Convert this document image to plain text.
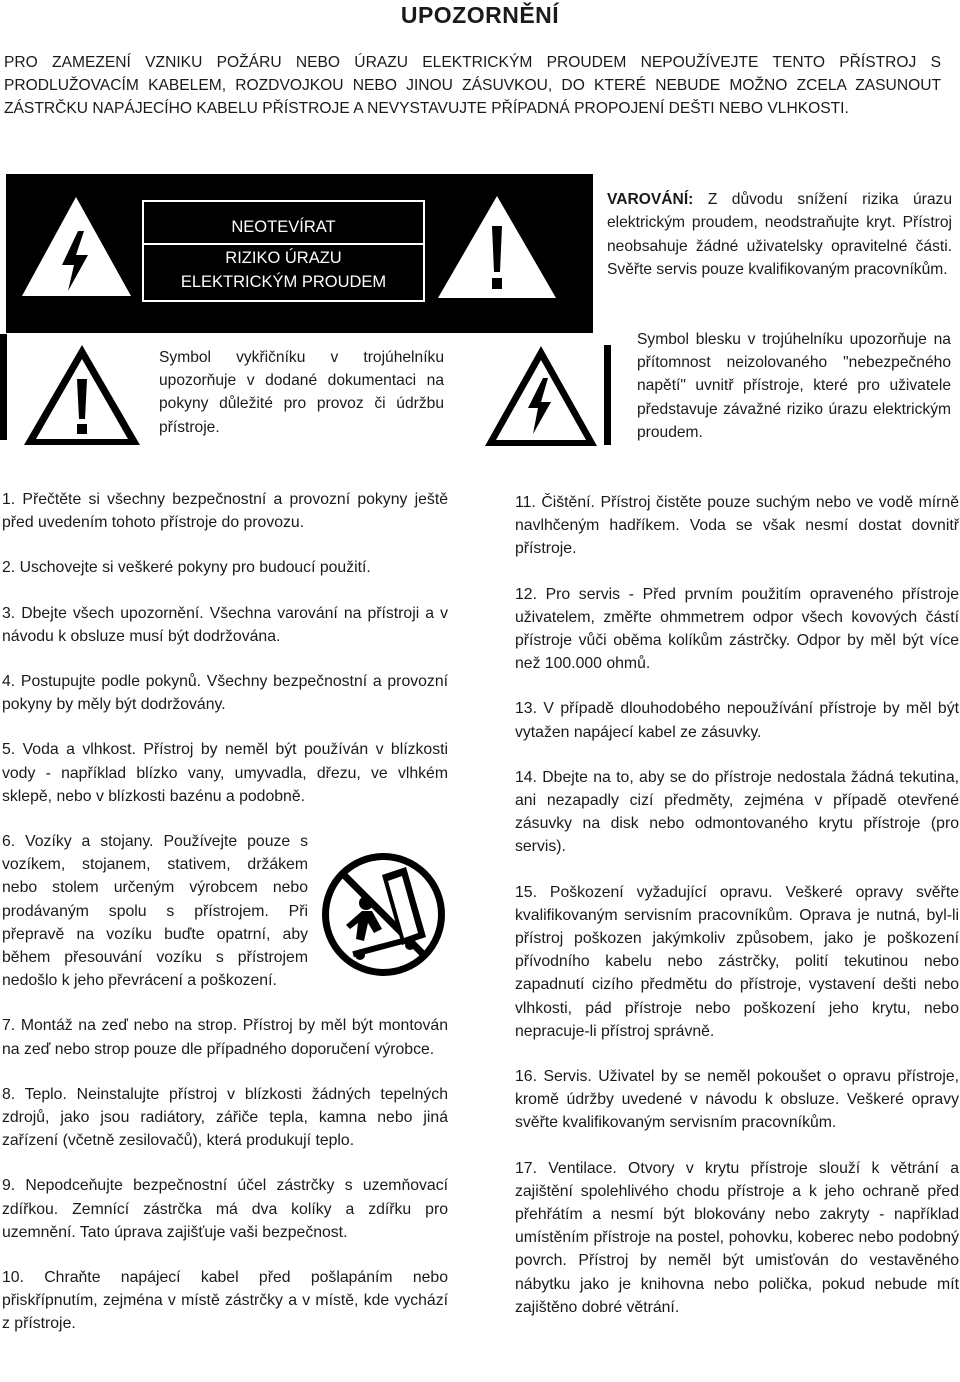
UPOZORNĚNÍ
PRO ZAMEZENÍ VZNIKU POŽÁRU NEBO ÚRAZU ELEKTRICKÝM PROUDEM NEPOUŽÍVEJTE TENTO PŘÍSTROJ S PRODLUŽOVACÍM KABELEM, ROZDVOJKOU NEBO JINOU ZÁSUVKOU, DO KTERÉ NEBUDE MOŽNO ZCELA ZASUNOUT ZÁSTRČKU NAPÁJECÍHO KABELU PŘÍSTROJE A NEVYSTAVUJTE PŘÍPADNÁ PROPOJENÍ DEŠTI NEBO VLHKOSTI.
NEOTEVÍRAT
RIZIKO ÚRAZU
ELEKTRICKÝM PROUDEM
VAROVÁNÍ: Z důvodu snížení rizika úrazu elektrickým proudem, neodstraňujte kryt. Přístroj neobsahuje žádné uživatelsky opravitelné části. Svěřte servis pouze kvalifikovaným pracovníkům.
Symbol vykřičníku v trojúhelníku upozorňuje v dodané dokumentaci na pokyny důležité pro provoz či údržbu přístroje.
Symbol blesku v trojúhelníku upozorňuje na přítomnost neizolovaného "nebezpečného napětí" uvnitř přístroje, které pro uživatele představuje závažné riziko úrazu elektrickým proudem.

1. Přečtěte si všechny bezpečnostní a provozní pokyny ještě před uvedením tohoto přístroje do provozu.

2. Uschovejte si veškeré pokyny pro budoucí použití.

3. Dbejte všech upozornění. Všechna varování na přístroji a v návodu k obsluze musí být dodržována.

4. Postupujte podle pokynů. Všechny bezpečnostní a provozní pokyny by měly být dodržovány.

5. Voda a vlhkost. Přístroj by neměl být používán v blízkosti vody - například blízko vany, umyvadla, dřezu, ve vlhkém sklepě, nebo v blízkosti bazénu a podobně.

6. Vozíky a stojany. Používejte pouze s vozíkem, stojanem, stativem, držákem nebo stolem určeným výrobcem nebo prodávaným spolu s přístrojem. Při přepravě na vozíku buďte opatrní, aby během přesouvání vozíku s přístrojem nedošlo k jeho převrácení a poškození.

7. Montáž na zeď nebo na strop. Přístroj by měl být montován na zeď nebo strop pouze dle případného doporučení výrobce.

8. Teplo. Neinstalujte přístroj v blízkosti žádných tepelných zdrojů, jako jsou radiátory, zářiče tepla, kamna nebo jiná zařízení (včetně zesilovačů), která produkují teplo.

9. Nepodceňujte bezpečnostní účel zástrčky s uzemňovací zdířkou. Zemnící zástrčka má dva kolíky a zdířku pro uzemnění. Tato úprava zajišťuje vaši bezpečnost.

10. Chraňte napájecí kabel před pošlapáním nebo přiskřípnutím, zejména v místě zástrčky a v místě, kde vychází z přístroje.

11. Čištění. Přístroj čistěte pouze suchým nebo ve vodě mírně navlhčeným hadříkem. Voda se však nesmí dostat dovnitř přístroje.

12. Pro servis - Před prvním použitím opraveného přístroje uživatelem, změřte ohmmetrem odpor všech kovových částí přístroje vůči oběma kolíkům zástrčky. Odpor by měl být více než 100.000 ohmů.

13. V případě dlouhodobého nepoužívání přístroje by měl být vytažen napájecí kabel ze zásuvky.

14. Dbejte na to, aby se do přístroje nedostala žádná tekutina, ani nezapadly cizí předměty, zejména v případě otevřené zásuvky na disk nebo odmontovaného krytu přístroje (pro servis).

15. Poškození vyžadující opravu. Veškeré opravy svěřte kvalifikovaným servisním pracovníkům. Oprava je nutná, byl-li přístroj poškozen jakýmkoliv způsobem, jako je poškození přívodního kabelu nebo zástrčky, polití tekutinou nebo zapadnutí cizího předmětu do přístroje, vystavení dešti nebo vlhkosti, pád přístroje nebo poškození jeho krytu, nebo nepracuje-li přístroj správně.

16. Servis. Uživatel by se neměl pokoušet o opravu přístroje, kromě údržby uvedené v návodu k obsluze. Veškeré opravy svěřte kvalifikovaným servisním pracovníkům.

17. Ventilace. Otvory v krytu přístroje slouží k větrání a zajištění spolehlivého chodu přístroje a k jeho ochraně před přehřátím a nesmí být blokovány nebo zakryty - například umístěním přístroje na postel, pohovku, koberec nebo podobný povrch. Přístroj by neměl být umisťován do vestavěného nábytku jako je knihovna nebo polička, pokud nebude mít zajištěno dobré větrání.
